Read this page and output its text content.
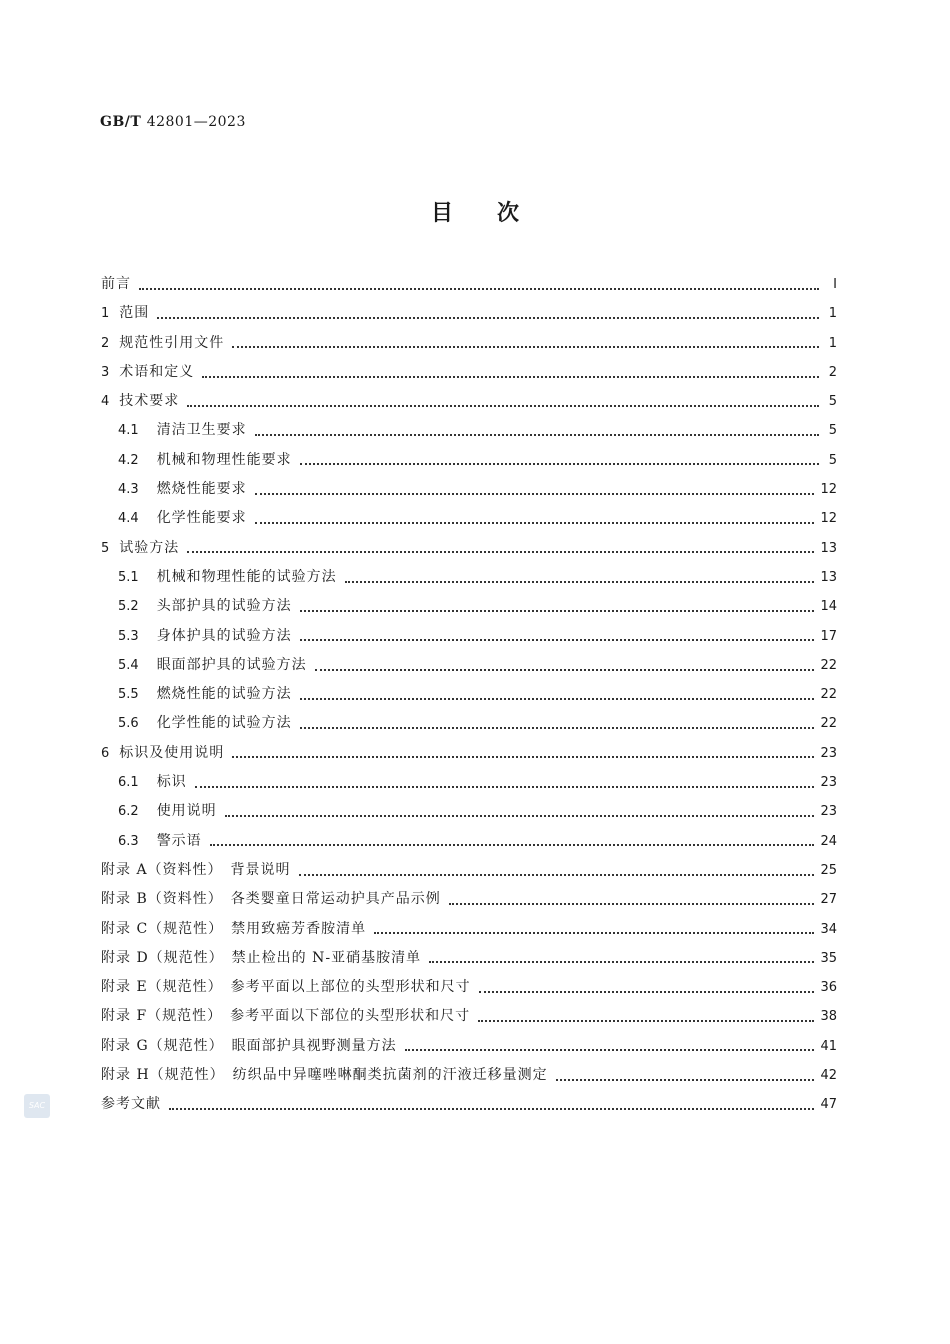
GB/T 42801—2023
目　　次
前言	Ⅰ
1 范围	1
2 规范性引用文件	1
3 术语和定义	2
4 技术要求	5
4.1 清洁卫生要求	5
4.2 机械和物理性能要求	5
4.3 燃烧性能要求	12
4.4 化学性能要求	12
5 试验方法	13
5.1 机械和物理性能的试验方法	13
5.2 头部护具的试验方法	14
5.3 身体护具的试验方法	17
5.4 眼面部护具的试验方法	22
5.5 燃烧性能的试验方法	22
5.6 化学性能的试验方法	22
6 标识及使用说明	23
6.1 标识	23
6.2 使用说明	23
6.3 警示语	24
附录 A（资料性）　背景说明	25
附录 B（资料性）　各类婴童日常运动护具产品示例	27
附录 C（规范性）　禁用致癌芳香胺清单	34
附录 D（规范性）　禁止检出的 N-亚硝基胺清单	35
附录 E（规范性）　参考平面以上部位的头型形状和尺寸	36
附录 F（规范性）　参考平面以下部位的头型形状和尺寸	38
附录 G（规范性）　眼面部护具视野测量方法	41
附录 H（规范性）　纺织品中异噻唑啉酮类抗菌剂的汗液迁移量测定	42
参考文献	47
SAC
